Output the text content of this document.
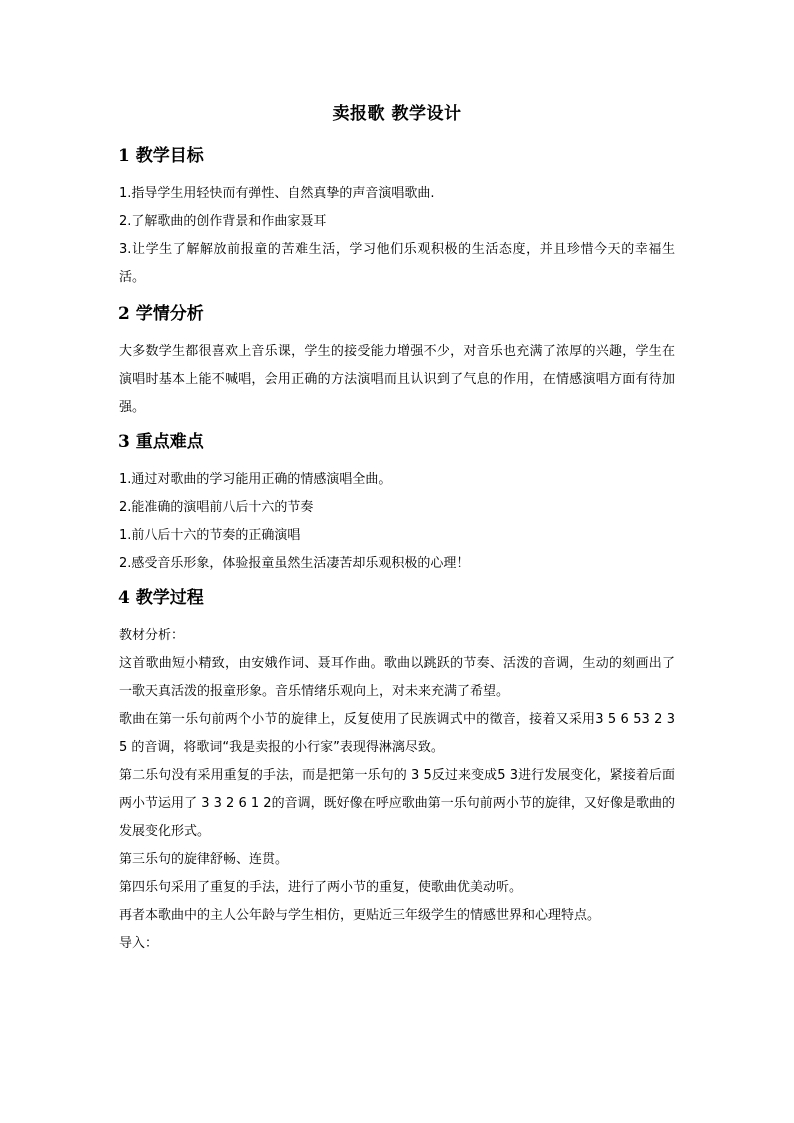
卖报歌 教学设计
1 教学目标

1.指导学生用轻快而有弹性、自然真挚的声音演唱歌曲.

2.了解歌曲的创作背景和作曲家聂耳

3.让学生了解解放前报童的苦难生活，学习他们乐观积极的生活态度，并且珍惜今天的幸福生活。

2 学情分析

大多数学生都很喜欢上音乐课，学生的接受能力增强不少，对音乐也充满了浓厚的兴趣，学生在演唱时基本上能不喊唱，会用正确的方法演唱而且认识到了气息的作用，在情感演唱方面有待加强。

3 重点难点

1.通过对歌曲的学习能用正确的情感演唱全曲。

2.能准确的演唱前八后十六的节奏

1.前八后十六的节奏的正确演唱

2.感受音乐形象，体验报童虽然生活凄苦却乐观积极的心理！

4 教学过程

教材分析：

这首歌曲短小精致，由安娥作词、聂耳作曲。歌曲以跳跃的节奏、活泼的音调，生动的刻画出了一歌天真活泼的报童形象。音乐情绪乐观向上，对未来充满了希望。

歌曲在第一乐句前两个小节的旋律上，反复使用了民族调式中的徵音，接着又采用3 5 6 53 2 3 5 的音调，将歌词“我是卖报的小行家”表现得淋漓尽致。

第二乐句没有采用重复的手法，而是把第一乐句的 3 5反过来变成5 3进行发展变化，紧接着后面两小节运用了 3 3 2 6 1 2的音调，既好像在呼应歌曲第一乐句前两小节的旋律，又好像是歌曲的发展变化形式。

第三乐句的旋律舒畅、连贯。

第四乐句采用了重复的手法，进行了两小节的重复，使歌曲优美动听。

再者本歌曲中的主人公年龄与学生相仿，更贴近三年级学生的情感世界和心理特点。

导入：
